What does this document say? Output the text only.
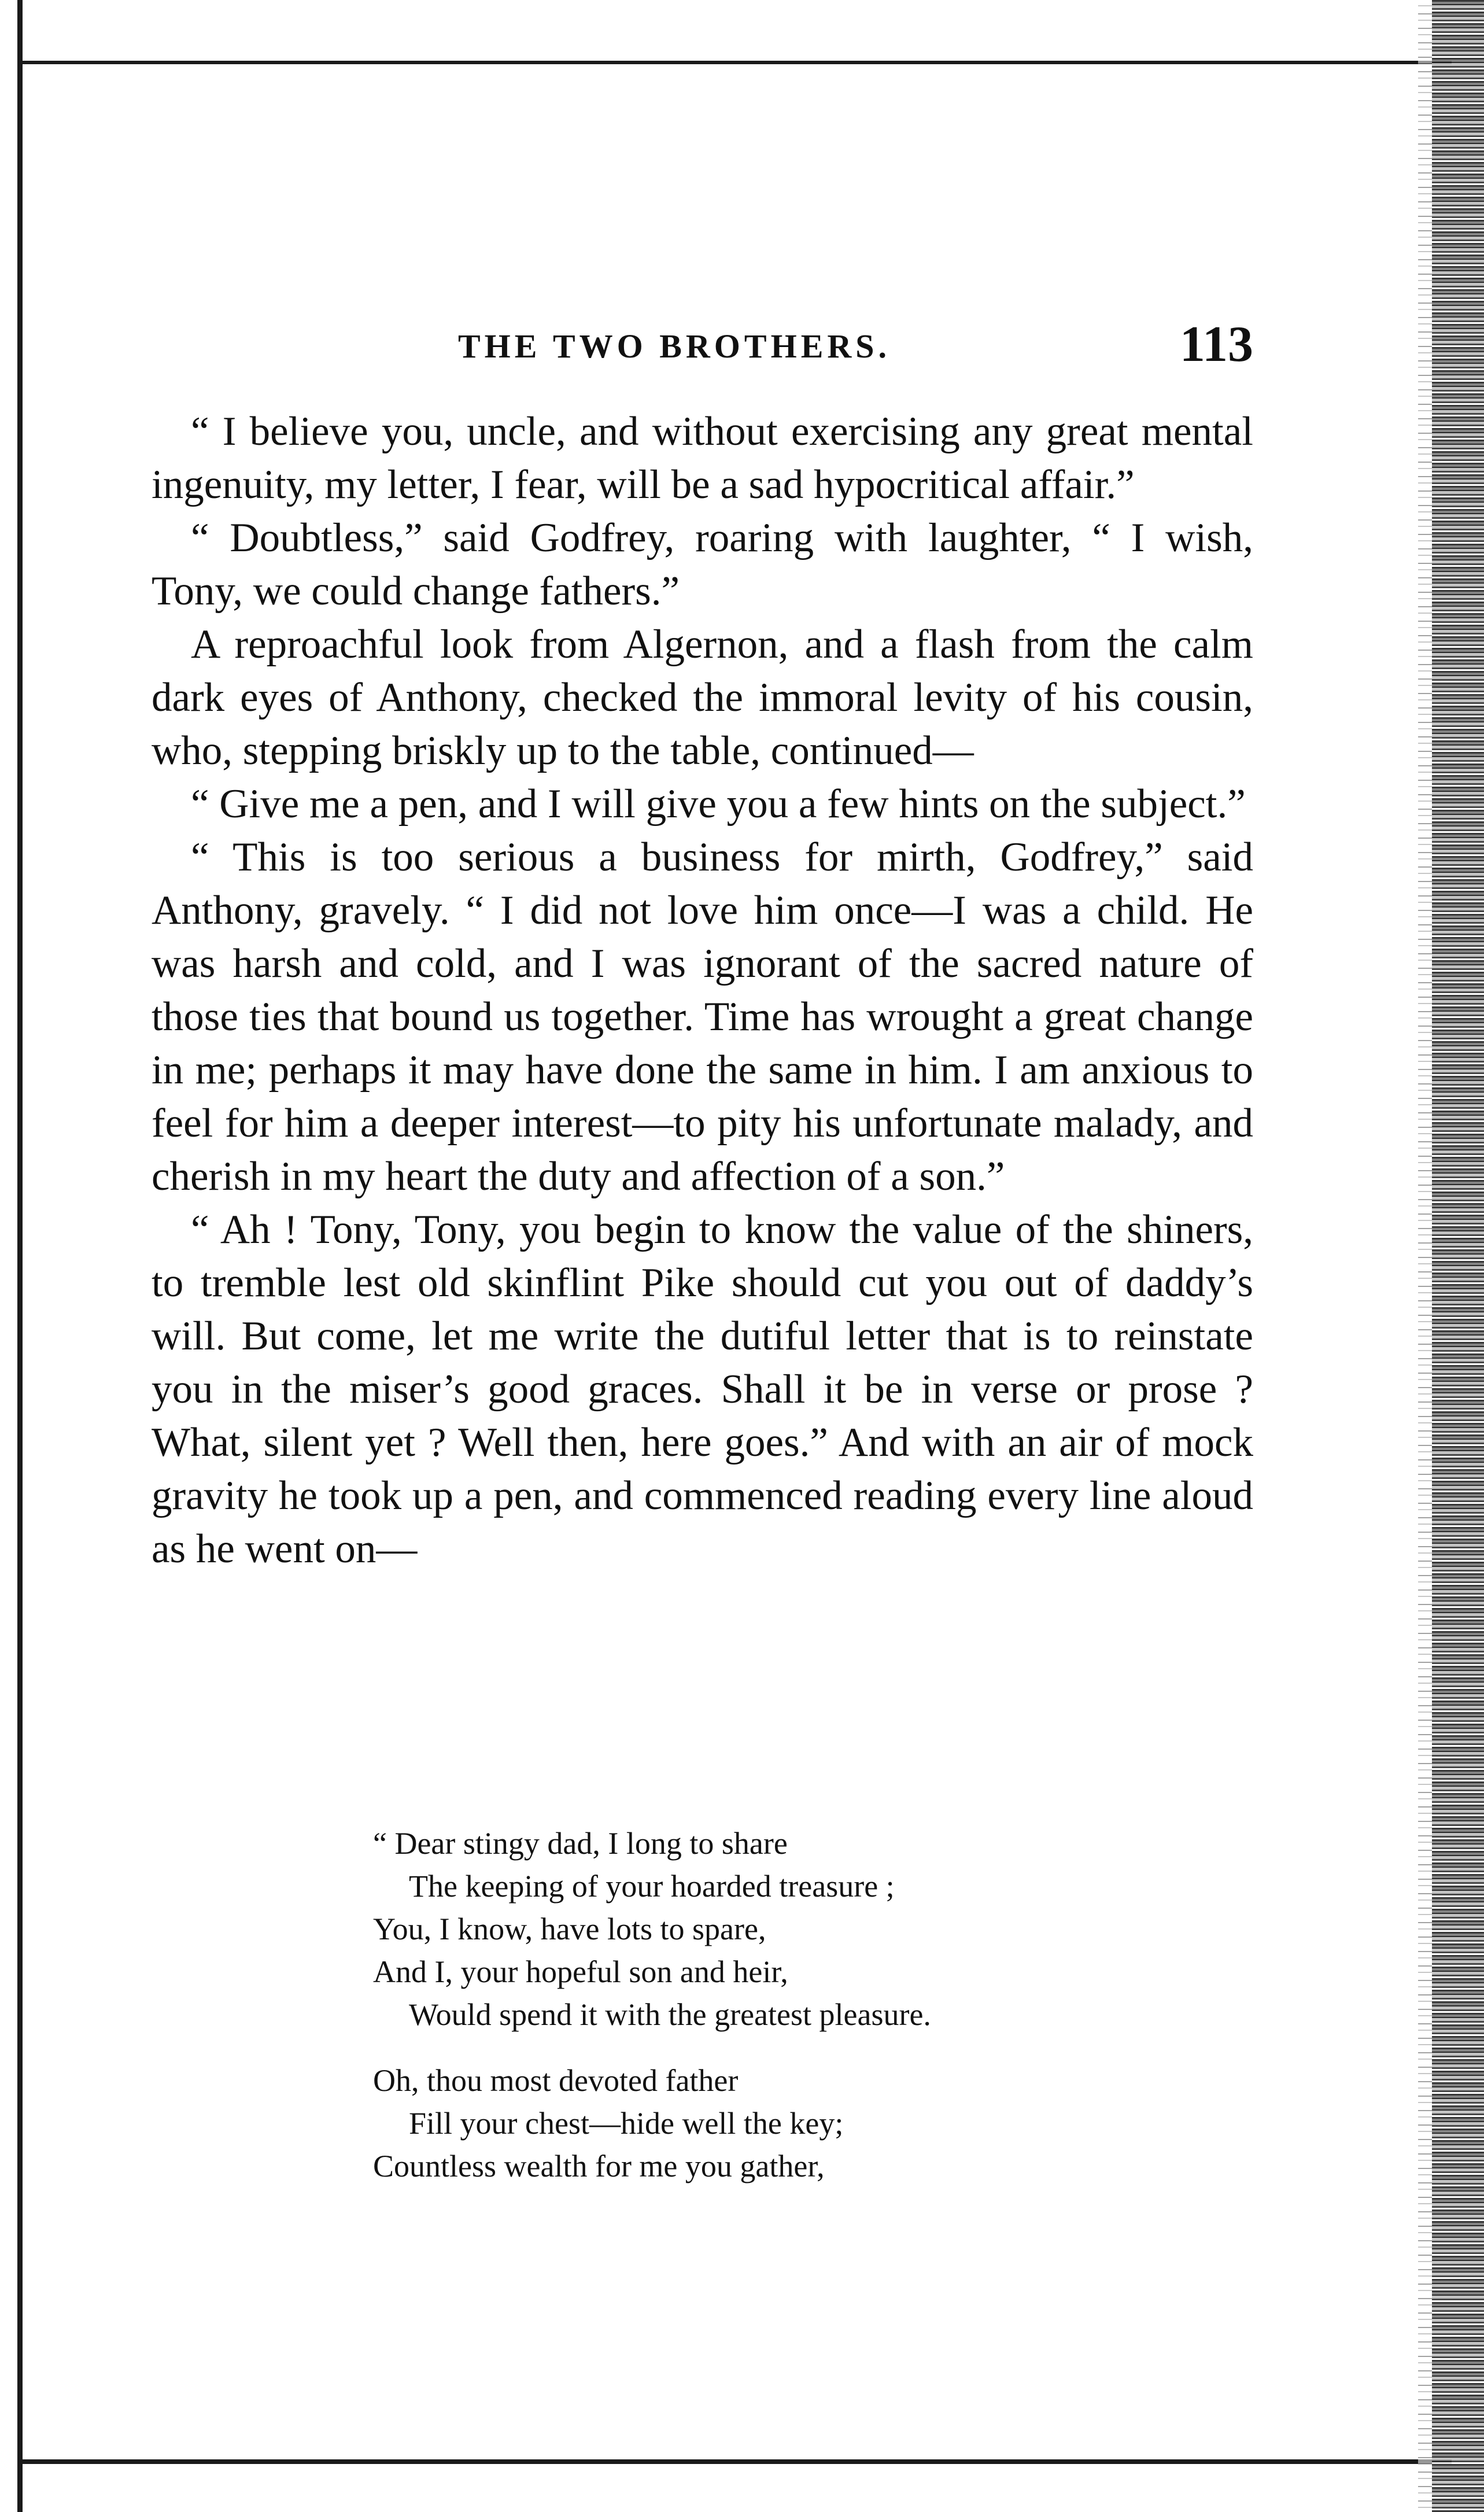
THE TWO BROTHERS.	113

“ I believe you, uncle, and without exercising any great mental ingenuity, my letter, I fear, will be a sad hypocritical affair.”

“ Doubtless,” said Godfrey, roaring with laughter, “ I wish, Tony, we could change fathers.”

A reproachful look from Algernon, and a flash from the calm dark eyes of Anthony, checked the immoral levity of his cousin, who, stepping briskly up to the table, continued—

“ Give me a pen, and I will give you a few hints on the subject.”

“ This is too serious a business for mirth, Godfrey,” said Anthony, gravely. “ I did not love him once—I was a child. He was harsh and cold, and I was ignorant of the sacred nature of those ties that bound us together. Time has wrought a great change in me; perhaps it may have done the same in him. I am anxious to feel for him a deeper interest—to pity his unfortunate malady, and cherish in my heart the duty and affection of a son.”

“ Ah ! Tony, Tony, you begin to know the value of the shiners, to tremble lest old skinflint Pike should cut you out of daddy’s will. But come, let me write the dutiful letter that is to reinstate you in the miser’s good graces. Shall it be in verse or prose ? What, silent yet ? Well then, here goes.” And with an air of mock gravity he took up a pen, and commenced reading every line aloud as he went on—

“ Dear stingy dad, I long to share
The keeping of your hoarded treasure ;
You, I know, have lots to spare,
And I, your hopeful son and heir,
Would spend it with the greatest pleasure.
Oh, thou most devoted father
Fill your chest—hide well the key;
Countless wealth for me you gather,
